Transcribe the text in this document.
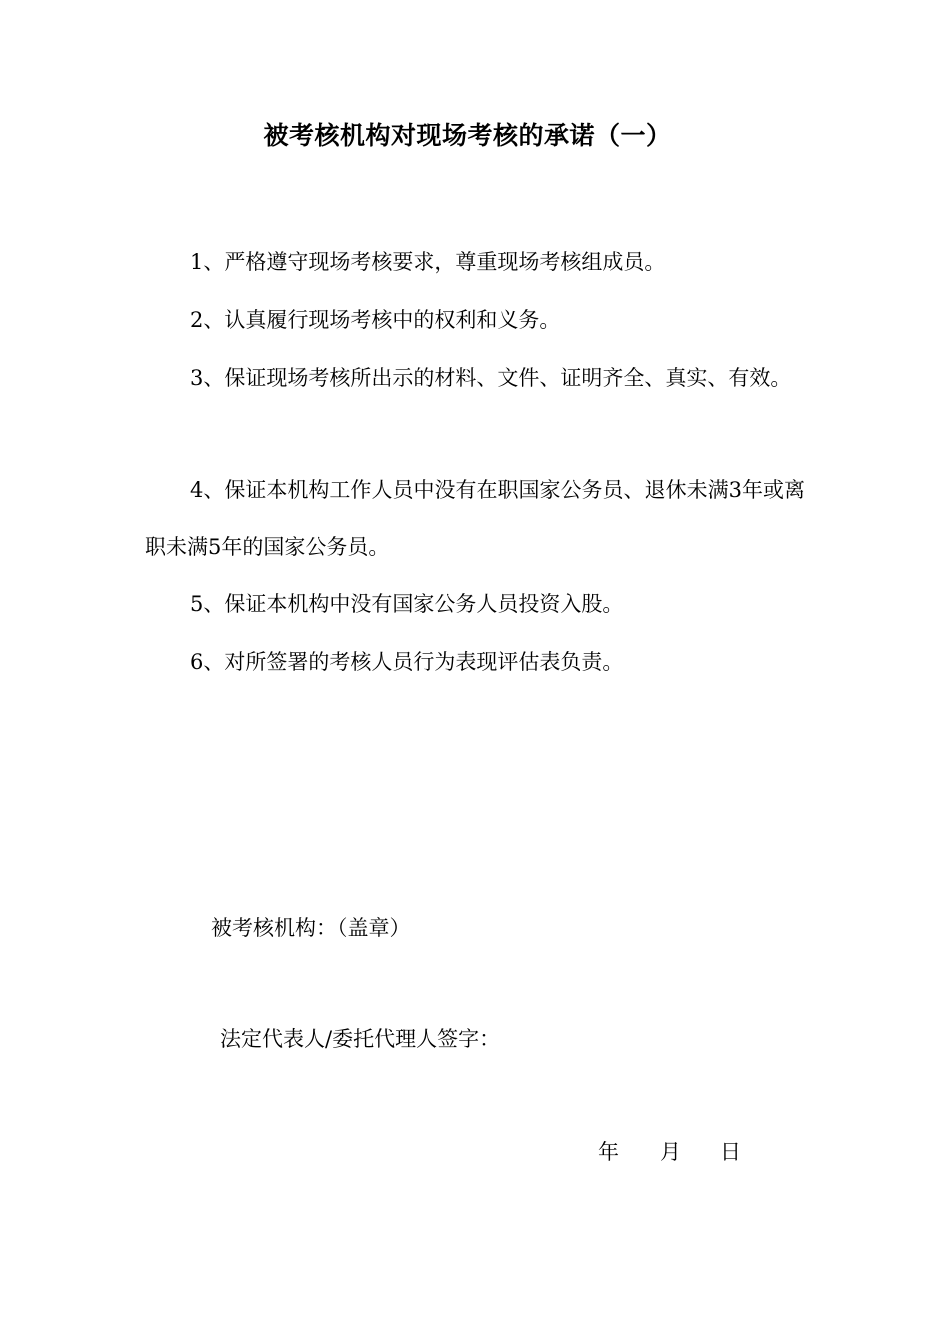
被考核机构对现场考核的承诺（一）

1、严格遵守现场考核要求，尊重现场考核组成员。

2、认真履行现场考核中的权利和义务。

3、保证现场考核所出示的材料、文件、证明齐全、真实、有效。

4、保证本机构工作人员中没有在职国家公务员、退休未满3年或离职未满5年的国家公务员。

5、保证本机构中没有国家公务人员投资入股。

6、对所签署的考核人员行为表现评估表负责。

被考核机构：（盖章）
法定代表人/委托代理人签字：
年	月	日
